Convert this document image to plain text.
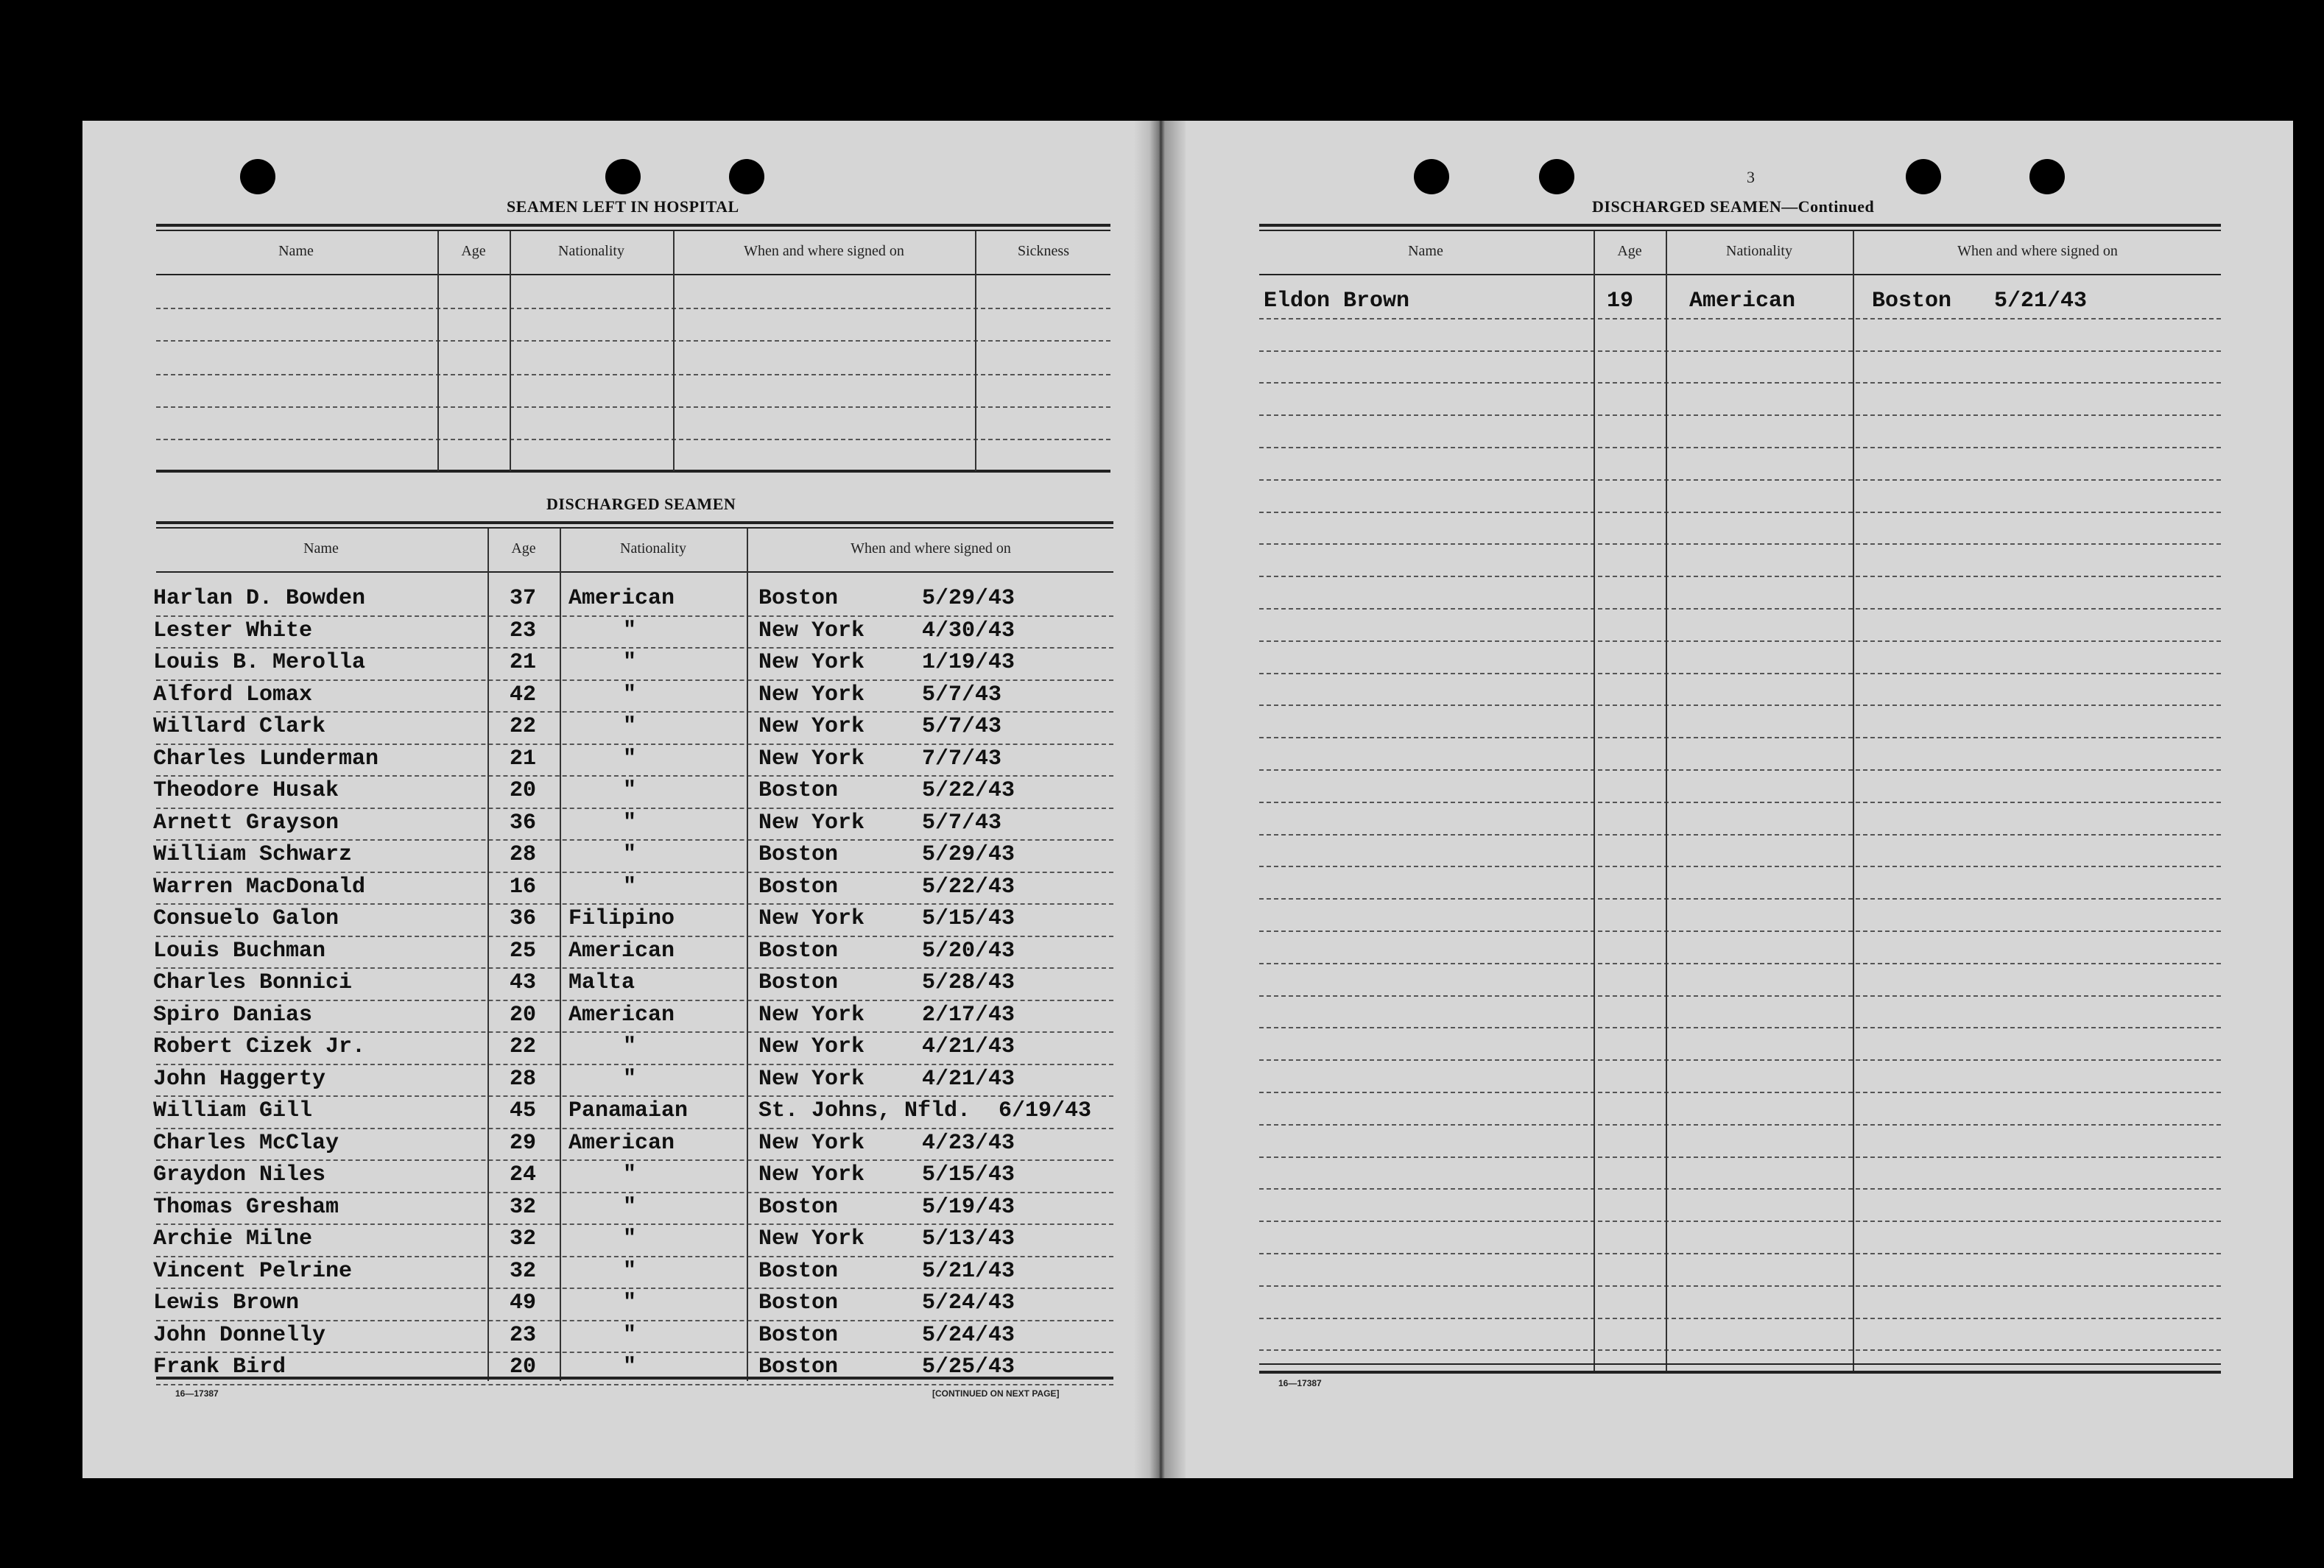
SEAMEN LEFT IN HOSPITAL
Name	Age	Nationality	When and where signed on	Sickness
DISCHARGED SEAMEN
Name	Age	Nationality	When and where signed on
Harlan D. Bowden	37 American	Boston	5/29/43
Lester White	23	"	New York	4/30/43
Louis B. Merolla	21	"	New York	1/19/43
Alford Lomax	42	"	New York	5/7/43
Willard Clark	22	"	New York	5/7/43
Charles Lunderman	21	"	New York	7/7/43
Theodore Husak	20	"	Boston	5/22/43
Arnett Grayson	36	"	New York	5/7/43
William Schwarz	28	"	Boston	5/29/43
Warren MacDonald	16	"	Boston	5/22/43
Consuelo Galon	36 Filipino	New York	5/15/43
Louis Buchman	25 American	Boston	5/20/43
Charles Bonnici	43 Malta	Boston	5/28/43
Spiro Danias	20 American	New York	2/17/43
Robert Cizek Jr.	22	"	New York	4/21/43
John Haggerty	28	"	New York	4/21/43
William Gill	45 Panamaian	St. Johns, Nfld. 6/19/43
Charles McClay	29 American	New York	4/23/43
Graydon Niles	24	"	New York	5/15/43
Thomas Gresham	32	"	Boston	5/19/43
Archie Milne	32	"	New York	5/13/43
Vincent Pelrine	32	"	Boston	5/21/43
Lewis Brown	49	"	Boston	5/24/43
John Donnelly	23	"	Boston	5/24/43
Frank Bird	20	"	Boston	5/25/43
16—17387	[CONTINUED ON NEXT PAGE]
3
DISCHARGED SEAMEN—Continued
Name	Age	Nationality	When and where signed on
Eldon Brown	19	American	Boston 5/21/43
16—17387
